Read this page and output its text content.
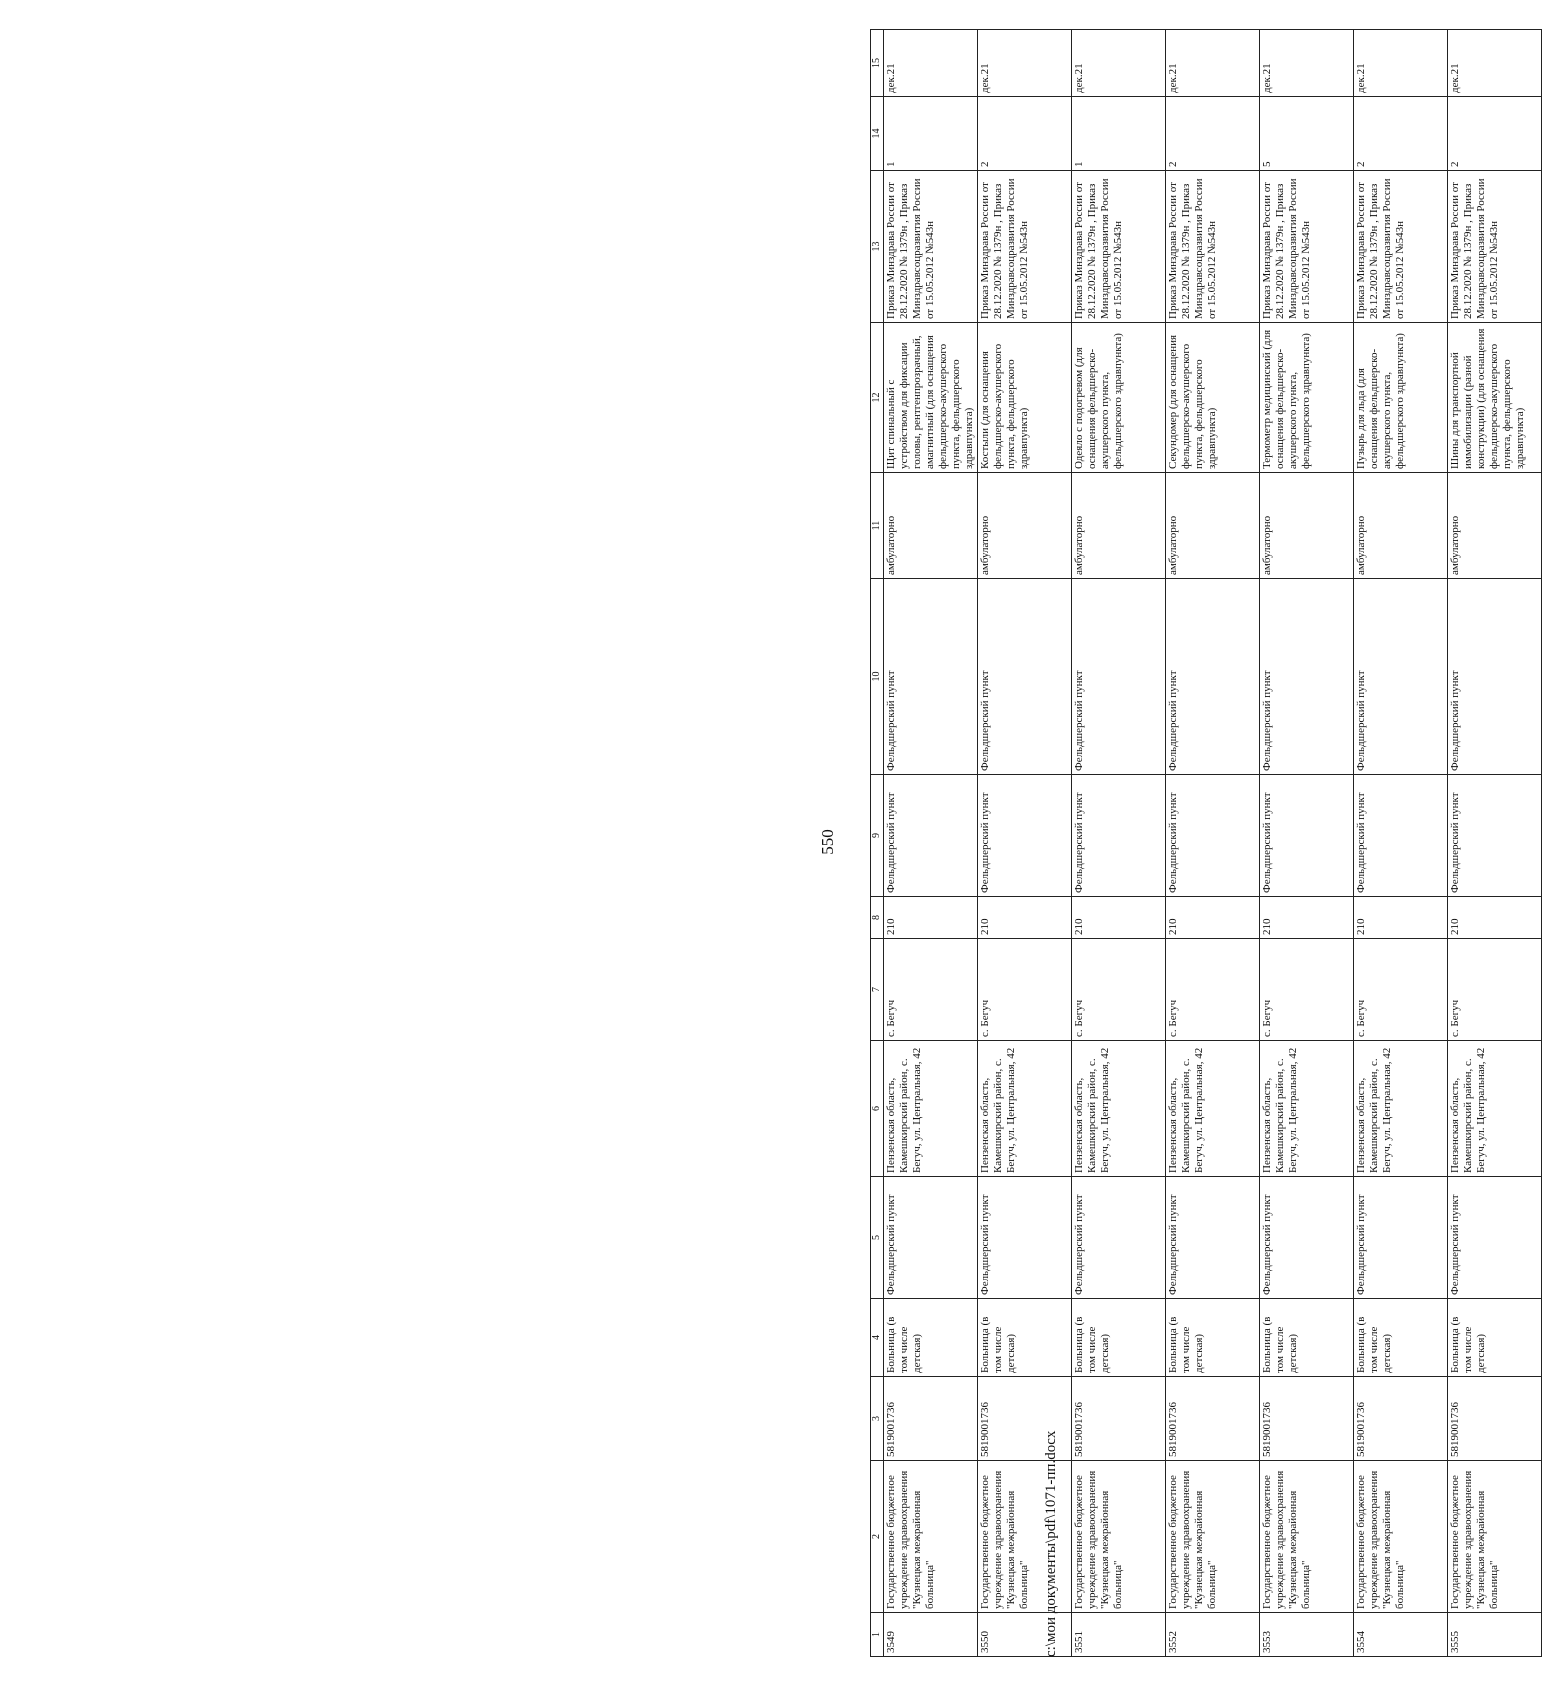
550
1	2	3	4	5	6	7	8	9	10	11	12	13	14	15
3549	Государственное бюджетное учреждение здравоохранения "Кузнецкая межрайонная больница"	5819001736	Больница (в том числе детская)	Фельдшерский пункт	Пензенская область, Камешкирский район, с. Бегуч, ул. Центральная, 42	с. Бегуч	210	Фельдшерский пункт	Фельдшерский пункт	амбулаторно	Щит спинальный с устройством для фиксации головы, рентгенпрозрачный, амагнитный (для оснащения фельдшерско-акушерского пункта, фельдшерского здравпункта)	Приказ Минздрава России от 28.12.2020 № 1379н , Приказ Минздравсоцразвития России от 15.05.2012 №543н	1	дек.21
3550	Государственное бюджетное учреждение здравоохранения "Кузнецкая межрайонная больница"	5819001736	Больница (в том числе детская)	Фельдшерский пункт	Пензенская область, Камешкирский район, с. Бегуч, ул. Центральная, 42	с. Бегуч	210	Фельдшерский пункт	Фельдшерский пункт	амбулаторно	Костыли (для оснащения фельдшерско-акушерского пункта, фельдшерского здравпункта)	Приказ Минздрава России от 28.12.2020 № 1379н , Приказ Минздравсоцразвития России от 15.05.2012 №543н	2	дек.21
3551	Государственное бюджетное учреждение здравоохранения "Кузнецкая межрайонная больница"	5819001736	Больница (в том числе детская)	Фельдшерский пункт	Пензенская область, Камешкирский район, с. Бегуч, ул. Центральная, 42	с. Бегуч	210	Фельдшерский пункт	Фельдшерский пункт	амбулаторно	Одеяло с подогревом (для оснащения фельдшерско-акушерского пункта, фельдшерского здравпункта)	Приказ Минздрава России от 28.12.2020 № 1379н , Приказ Минздравсоцразвития России от 15.05.2012 №543н	1	дек.21
3552	Государственное бюджетное учреждение здравоохранения "Кузнецкая межрайонная больница"	5819001736	Больница (в том числе детская)	Фельдшерский пункт	Пензенская область, Камешкирский район, с. Бегуч, ул. Центральная, 42	с. Бегуч	210	Фельдшерский пункт	Фельдшерский пункт	амбулаторно	Секундомер (для оснащения фельдшерско-акушерского пункта, фельдшерского здравпункта)	Приказ Минздрава России от 28.12.2020 № 1379н , Приказ Минздравсоцразвития России от 15.05.2012 №543н	2	дек.21
3553	Государственное бюджетное учреждение здравоохранения "Кузнецкая межрайонная больница"	5819001736	Больница (в том числе детская)	Фельдшерский пункт	Пензенская область, Камешкирский район, с. Бегуч, ул. Центральная, 42	с. Бегуч	210	Фельдшерский пункт	Фельдшерский пункт	амбулаторно	Термометр медицинский (для оснащения фельдшерско-акушерского пункта, фельдшерского здравпункта)	Приказ Минздрава России от 28.12.2020 № 1379н , Приказ Минздравсоцразвития России от 15.05.2012 №543н	5	дек.21
3554	Государственное бюджетное учреждение здравоохранения "Кузнецкая межрайонная больница"	5819001736	Больница (в том числе детская)	Фельдшерский пункт	Пензенская область, Камешкирский район, с. Бегуч, ул. Центральная, 42	с. Бегуч	210	Фельдшерский пункт	Фельдшерский пункт	амбулаторно	Пузырь для льда (для оснащения фельдшерско-акушерского пункта, фельдшерского здравпункта)	Приказ Минздрава России от 28.12.2020 № 1379н , Приказ Минздравсоцразвития России от 15.05.2012 №543н	2	дек.21
3555	Государственное бюджетное учреждение здравоохранения "Кузнецкая межрайонная больница"	5819001736	Больница (в том числе детская)	Фельдшерский пункт	Пензенская область, Камешкирский район, с. Бегуч, ул. Центральная, 42	с. Бегуч	210	Фельдшерский пункт	Фельдшерский пункт	амбулаторно	Шины для транспортной иммобилизации (разной конструкции) (для оснащения фельдшерско-акушерского пункта, фельдшерского здравпункта)	Приказ Минздрава России от 28.12.2020 № 1379н , Приказ Минздравсоцразвития России от 15.05.2012 №543н	2	дек.21
c:\мои документы\pdf\1071-пп.docx
